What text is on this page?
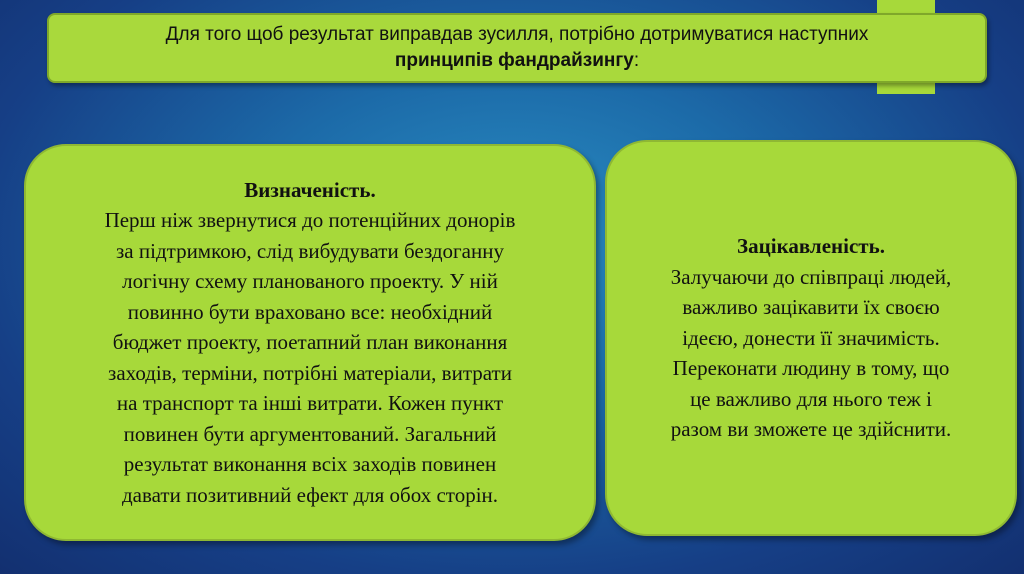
Для того щоб результат виправдав зусилля, потрібно дотримуватися наступних
принципів фандрайзингу:
Визначеність.
Перш ніж звернутися до потенційних донорів
за підтримкою, слід вибудувати бездоганну
логічну схему планованого проекту. У ній
повинно бути враховано все: необхідний
бюджет проекту, поетапний план виконання
заходів, терміни, потрібні матеріали, витрати
на транспорт та інші витрати. Кожен пункт
повинен бути аргументований. Загальний
результат виконання всіх заходів повинен
давати позитивний ефект для обох сторін.
Зацікавленість.
Залучаючи до співпраці людей,
важливо зацікавити їх своєю
ідеєю, донести її значимість.
Переконати людину в тому, що
це важливо для нього теж і
разом ви зможете це здійснити.
